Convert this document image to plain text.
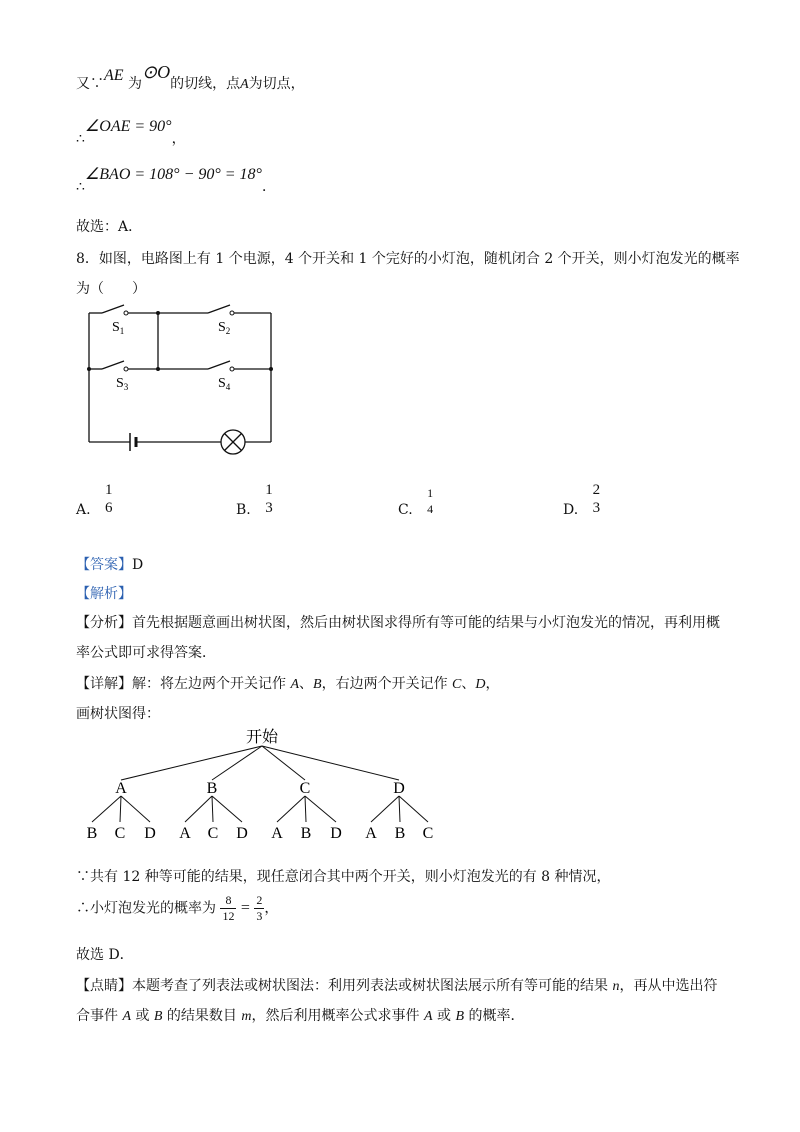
又∵AE 为⊙O的切线，点A为切点，
∴∠OAE = 90°，
∴∠BAO = 108° − 90° = 18°．
故选：A．
8．如图，电路图上有 1 个电源，4 个开关和 1 个完好的小灯泡，随机闭合 2 个开关，则小灯泡发光的概率
为（　　）
$S_1$	$S_2$
$S_3$	$S_4$
A.
1
6	B.
1
3	C.
1
4	D.
2
3
【答案】D
【解析】
【分析】首先根据题意画出树状图，然后由树状图求得所有等可能的结果与小灯泡发光的情况，再利用概
率公式即可求得答案．
【详解】解：将左边两个开关记作 A、B，右边两个开关记作 C、D，
画树状图得：
开始
A	B	C	D
B C D A C D A B D A B C
∵共有 12 种等可能的结果，现任意闭合其中两个开关，则小灯泡发光的有 8 种情况，
∴小灯泡发光的概率为 $\frac{8}{12} = \frac{2}{3}$ ，
故选 D．
【点睛】本题考查了列表法或树状图法：利用列表法或树状图法展示所有等可能的结果 n，再从中选出符
合事件 A 或 B 的结果数目 m，然后利用概率公式求事件 A 或 B 的概率．
